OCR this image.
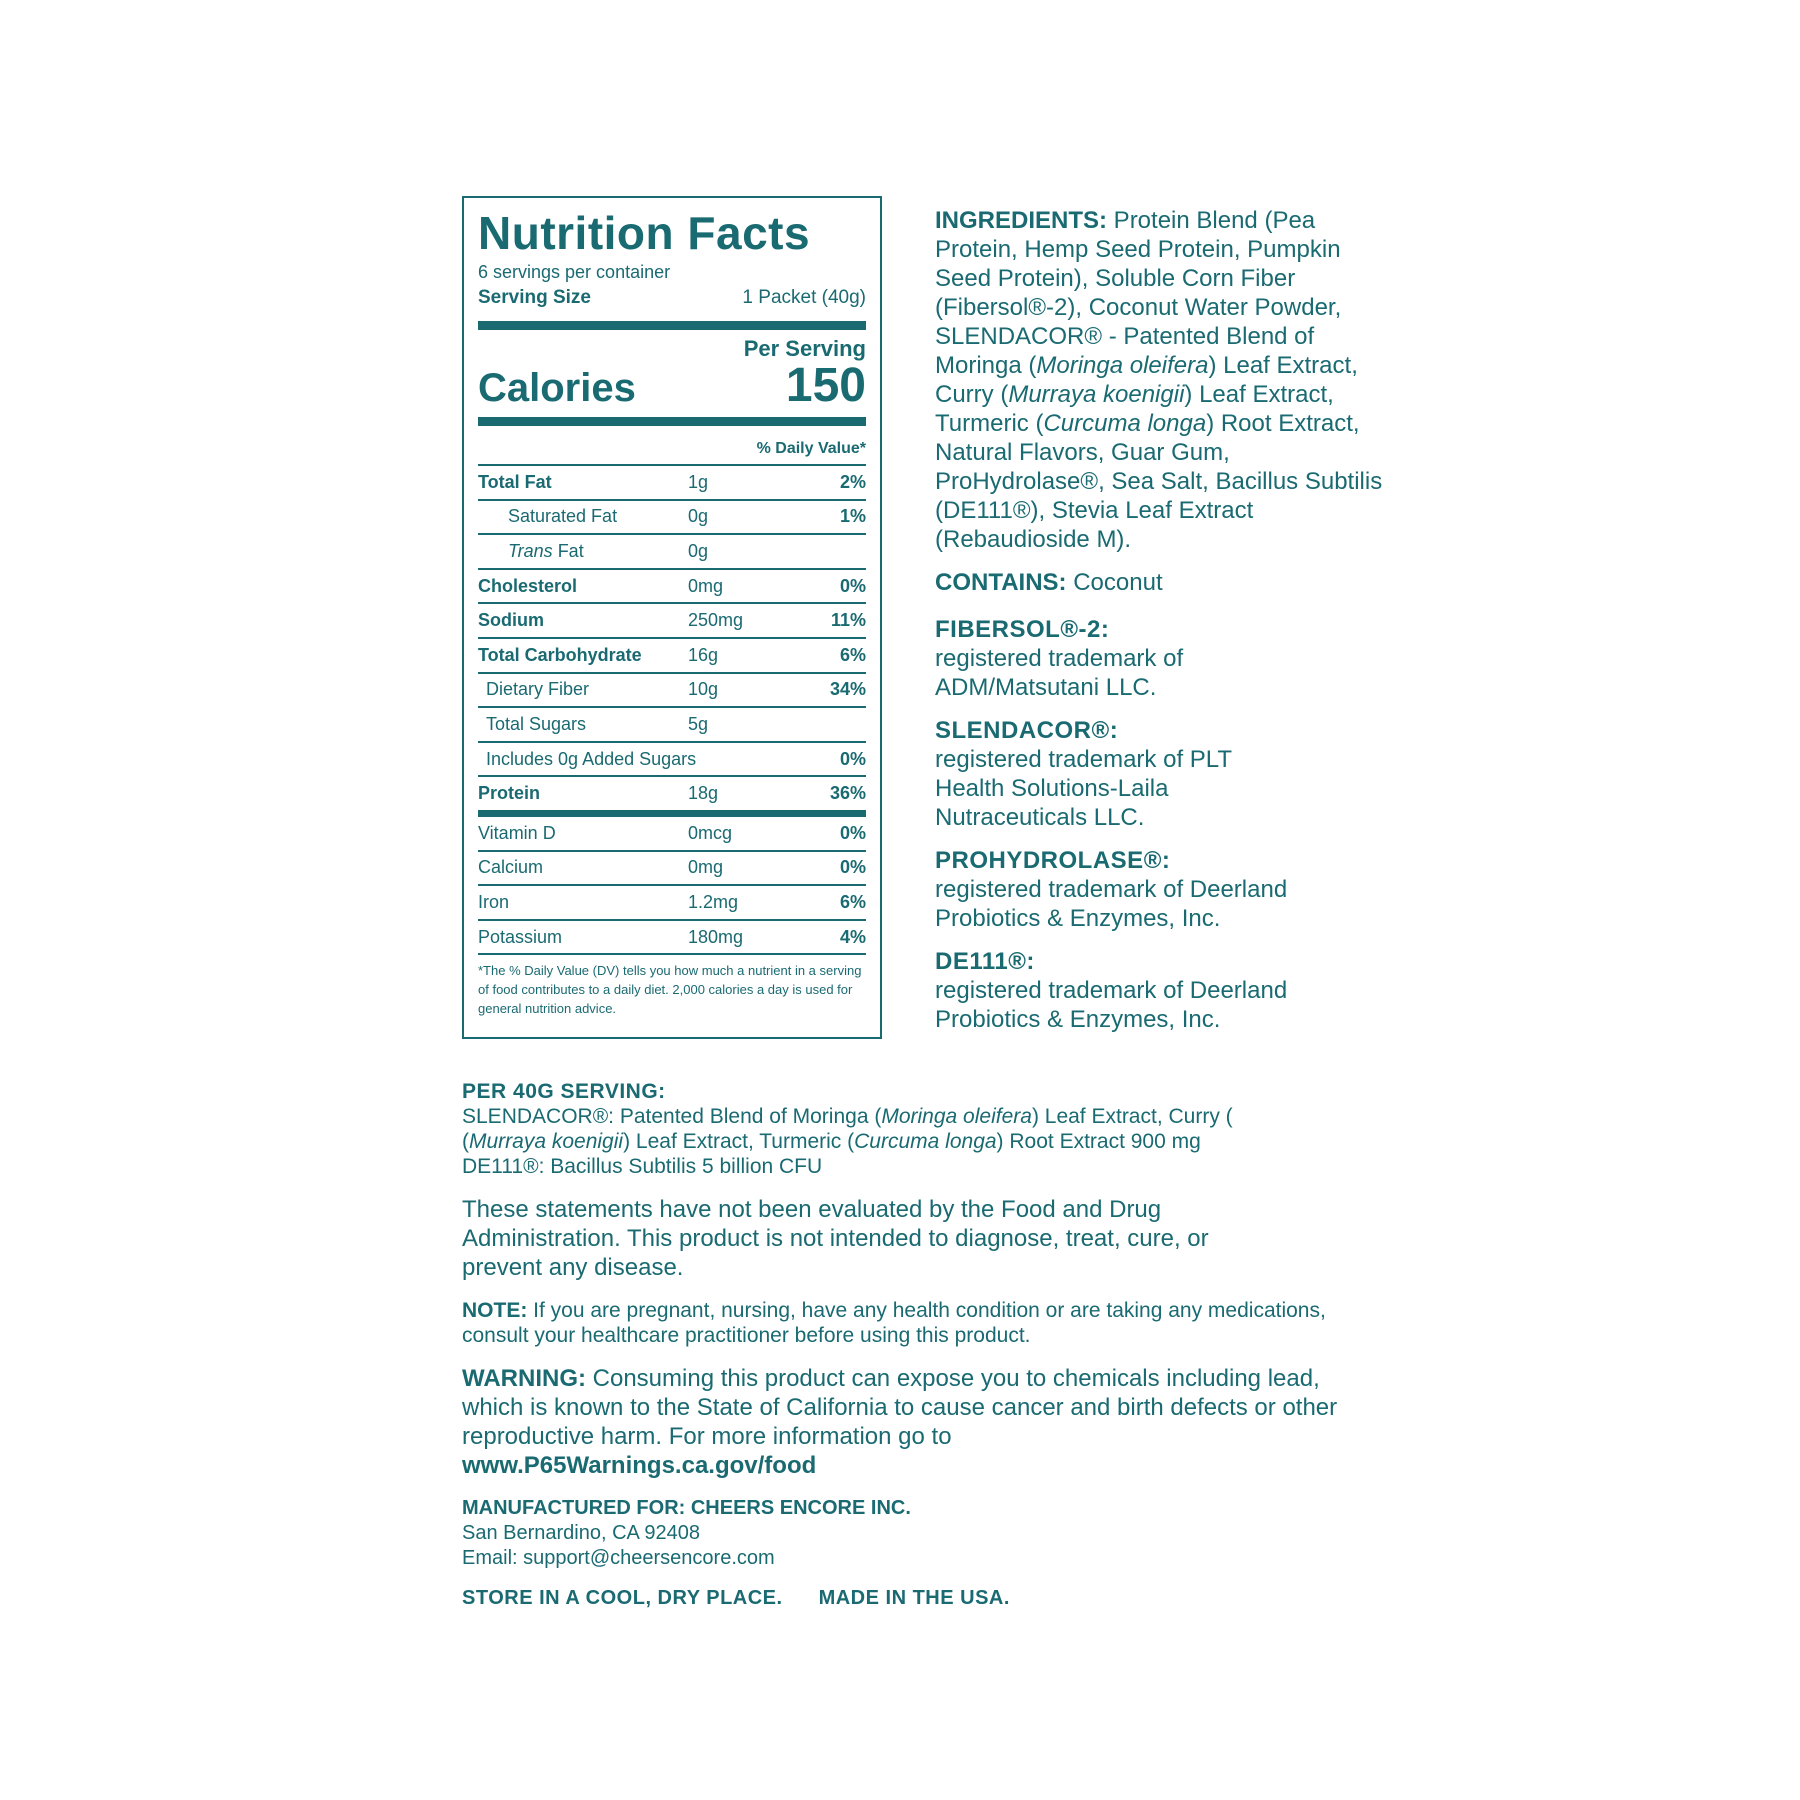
Nutrition Facts
6 servings per container
Serving Size	1 Packet (40g)
Per Serving
Calories	150
% Daily Value*
Total Fat	1g	2%
Saturated Fat	0g	1%
Trans Fat	0g
Cholesterol	0mg	0%
Sodium	250mg	11%
Total Carbohydrate	16g	6%
Dietary Fiber	10g	34%
Total Sugars	5g
Includes 0g Added Sugars	0%
Protein	18g	36%
Vitamin D	0mcg	0%
Calcium	0mg	0%
Iron	1.2mg	6%
Potassium	180mg	4%
*The % Daily Value (DV) tells you how much a nutrient in a serving of food contributes to a daily diet. 2,000 calories a day is used for general nutrition advice.

INGREDIENTS: Protein Blend (Pea Protein, Hemp Seed Protein, Pumpkin Seed Protein), Soluble Corn Fiber (Fibersol®-2), Coconut Water Powder, SLENDACOR® - Patented Blend of Moringa (Moringa oleifera) Leaf Extract, Curry (Murraya koenigii) Leaf Extract, Turmeric (Curcuma longa) Root Extract, Natural Flavors, Guar Gum, ProHydrolase®, Sea Salt, Bacillus Subtilis (DE111®), Stevia Leaf Extract (Rebaudioside M).

CONTAINS: Coconut

FIBERSOL®-2:

registered trademark of ADM/Matsutani LLC.

SLENDACOR®:

registered trademark of PLT Health Solutions-Laila Nutraceuticals LLC.

PROHYDROLASE®:

registered trademark of Deerland Probiotics & Enzymes, Inc.

DE111®:

registered trademark of Deerland Probiotics & Enzymes, Inc.

PER 40G SERVING:

SLENDACOR®: Patented Blend of Moringa (Moringa oleifera) Leaf Extract, Curry (
(Murraya koenigii) Leaf Extract, Turmeric (Curcuma longa) Root Extract 900 mg
DE111®: Bacillus Subtilis 5 billion CFU

These statements have not been evaluated by the Food and Drug Administration. This product is not intended to diagnose, treat, cure, or prevent any disease.

NOTE: If you are pregnant, nursing, have any health condition or are taking any medications, consult your healthcare practitioner before using this product.

WARNING: Consuming this product can expose you to chemicals including lead, which is known to the State of California to cause cancer and birth defects or other reproductive harm. For more information go to
www.P65Warnings.ca.gov/food

MANUFACTURED FOR: CHEERS ENCORE INC.
San Bernardino, CA 92408
Email: support@cheersencore.com

STORE IN A COOL, DRY PLACE. MADE IN THE USA.
